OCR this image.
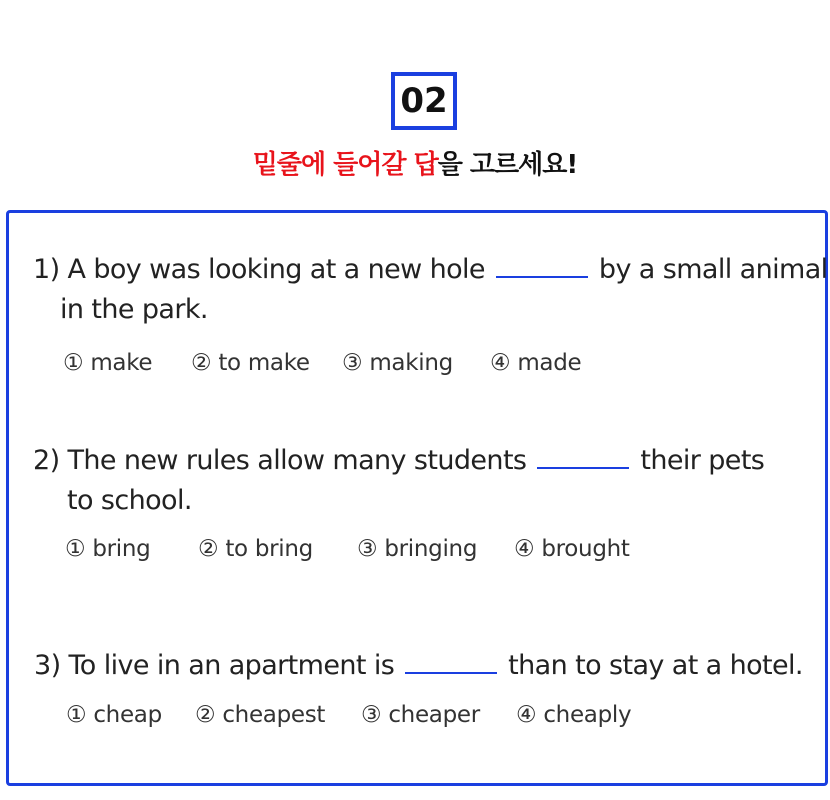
02
밑줄에 들어갈 답을 고르세요!
1) A boy was looking at a new hole	by a small animal
in the park.
① make ② to make ③ making ④ made
2) The new rules allow many students	their pets
to school.
① bring ② to bring ③ bringing ④ brought
3) To live in an apartment is	than to stay at a hotel.
① cheap ② cheapest ③ cheaper ④ cheaply
